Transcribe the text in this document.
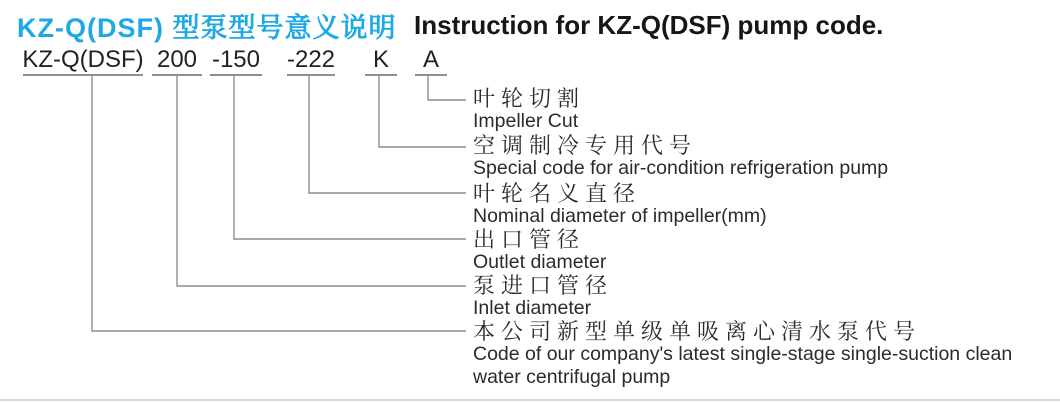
KZ-Q(DSF) 型泵型号意义说明 Instruction for KZ-Q(DSF) pump code.
KZ-Q(DSF) 200 -150 -222	K	A
叶轮切割
Impeller Cut
空调制冷专用代号
Special code for air-condition refrigeration pump
叶轮名义直径
Nominal diameter of impeller(mm)
出口管径
Outlet diameter
泵进口管径
Inlet diameter
本公司新型单级单吸离心清水泵代号
Code of our company's latest single-stage single-suction clean water centrifugal pump
